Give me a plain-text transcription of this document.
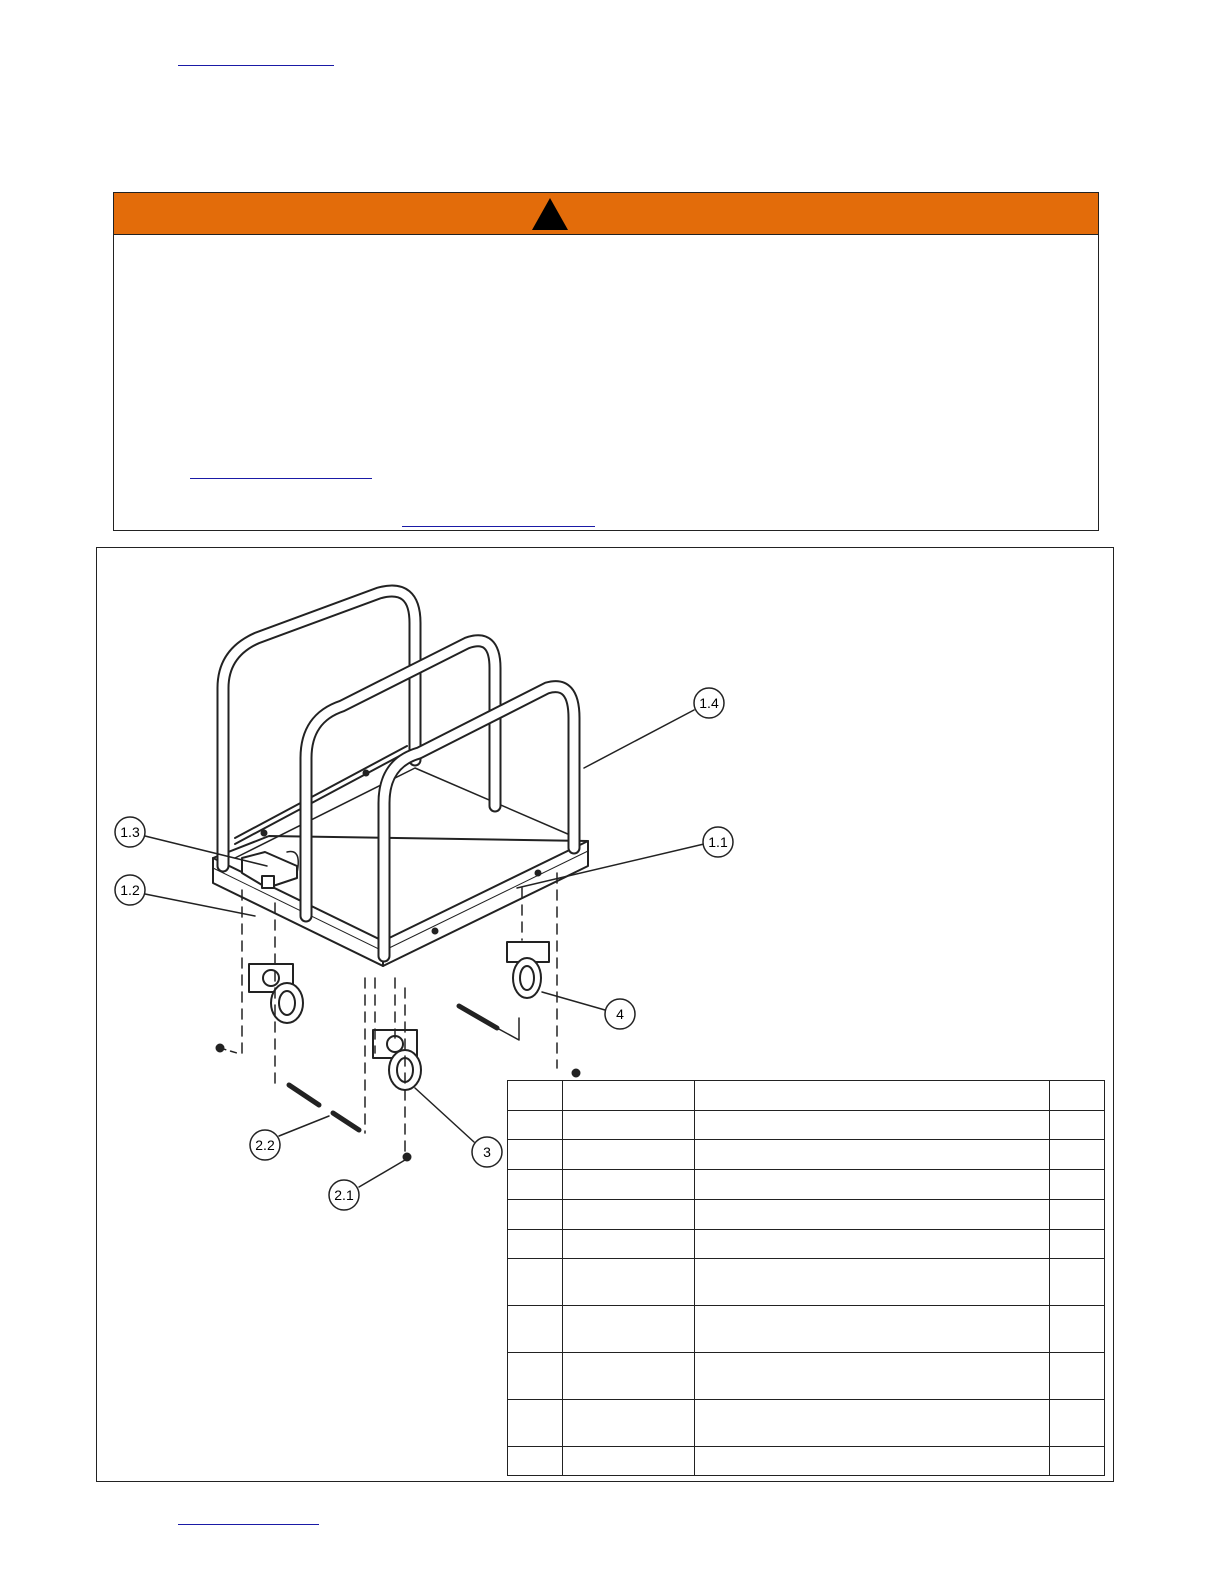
1.4
1.1
1.3
1.2
4
3
2.1
2.2
